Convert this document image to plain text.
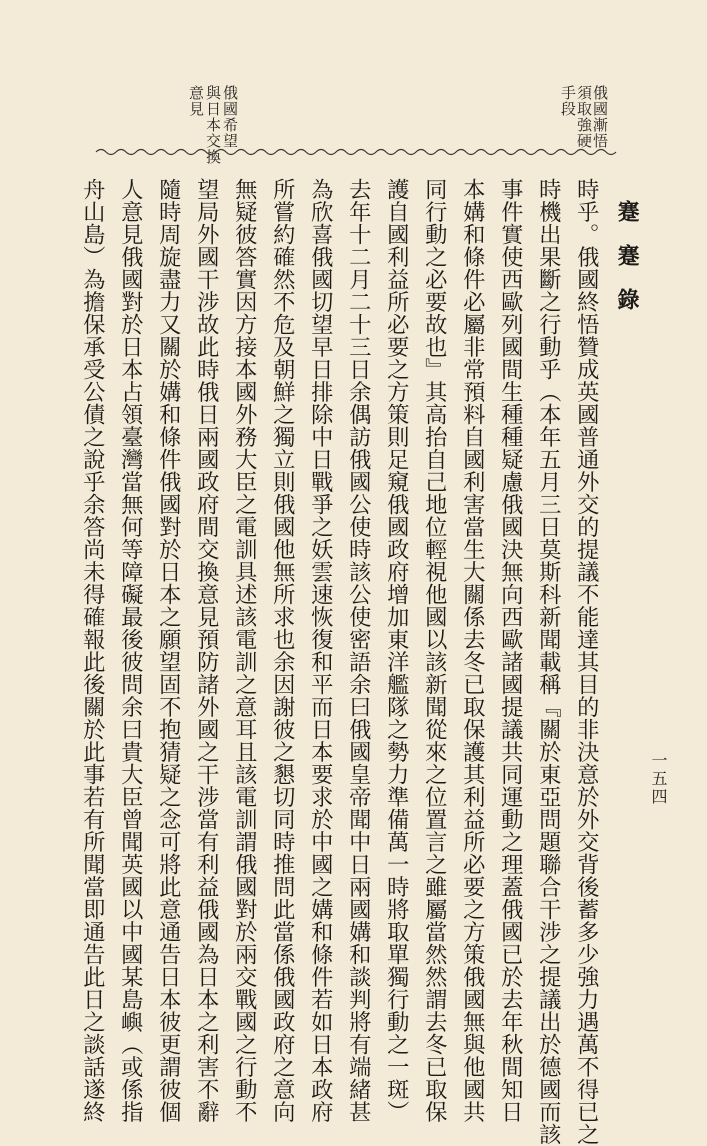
俄國漸悟
須取強硬
手段
俄國希望
與日本交換
意見
蹇蹇錄
一五四
時乎。俄國終悟贊成英國普通外交的提議不能達其目的非決意於外交背後蓄多少強力遇萬不得已之
時機出果斷之行動乎（本年五月三日莫斯科新聞載稱『關於東亞問題聯合干涉之提議出於德國而該
事件實使西歐列國間生種種疑慮俄國決無向西歐諸國提議共同運動之理蓋俄國已於去年秋間知日
本媾和條件必屬非常預料自國利害當生大關係去冬已取保護其利益所必要之方策俄國無與他國共
同行動之必要故也』其高抬自己地位輕視他國以該新聞從來之位置言之雖屬當然然謂去冬已取保
護自國利益所必要之方策則足窺俄國政府增加東洋艦隊之勢力準備萬一時將取單獨行動之一斑）
去年十二月二十三日余偶訪俄國公使時該公使密語余曰俄國皇帝聞中日兩國媾和談判將有端緒甚
為欣喜俄國切望早日排除中日戰爭之妖雲速恢復和平而日本要求於中國之媾和條件若如日本政府
所嘗約確然不危及朝鮮之獨立則俄國他無所求也余因謝彼之懇切同時推問此當係俄國政府之意向
無疑彼答實因方接本國外務大臣之電訓具述該電訓之意耳且該電訓謂俄國對於兩交戰國之行動不
望局外國干涉故此時俄日兩國政府間交換意見預防諸外國之干涉當有利益俄國為日本之利害不辭
隨時周旋盡力又關於媾和條件俄國對於日本之願望固不抱猜疑之念可將此意通告日本彼更謂彼個
人意見俄國對於日本占領臺灣當無何等障礙最後彼問余曰貴大臣曾聞英國以中國某島嶼（或係指
舟山島）為擔保承受公債之說乎余答尚未得確報此後關於此事若有所聞當即通告此日之談話遂終
